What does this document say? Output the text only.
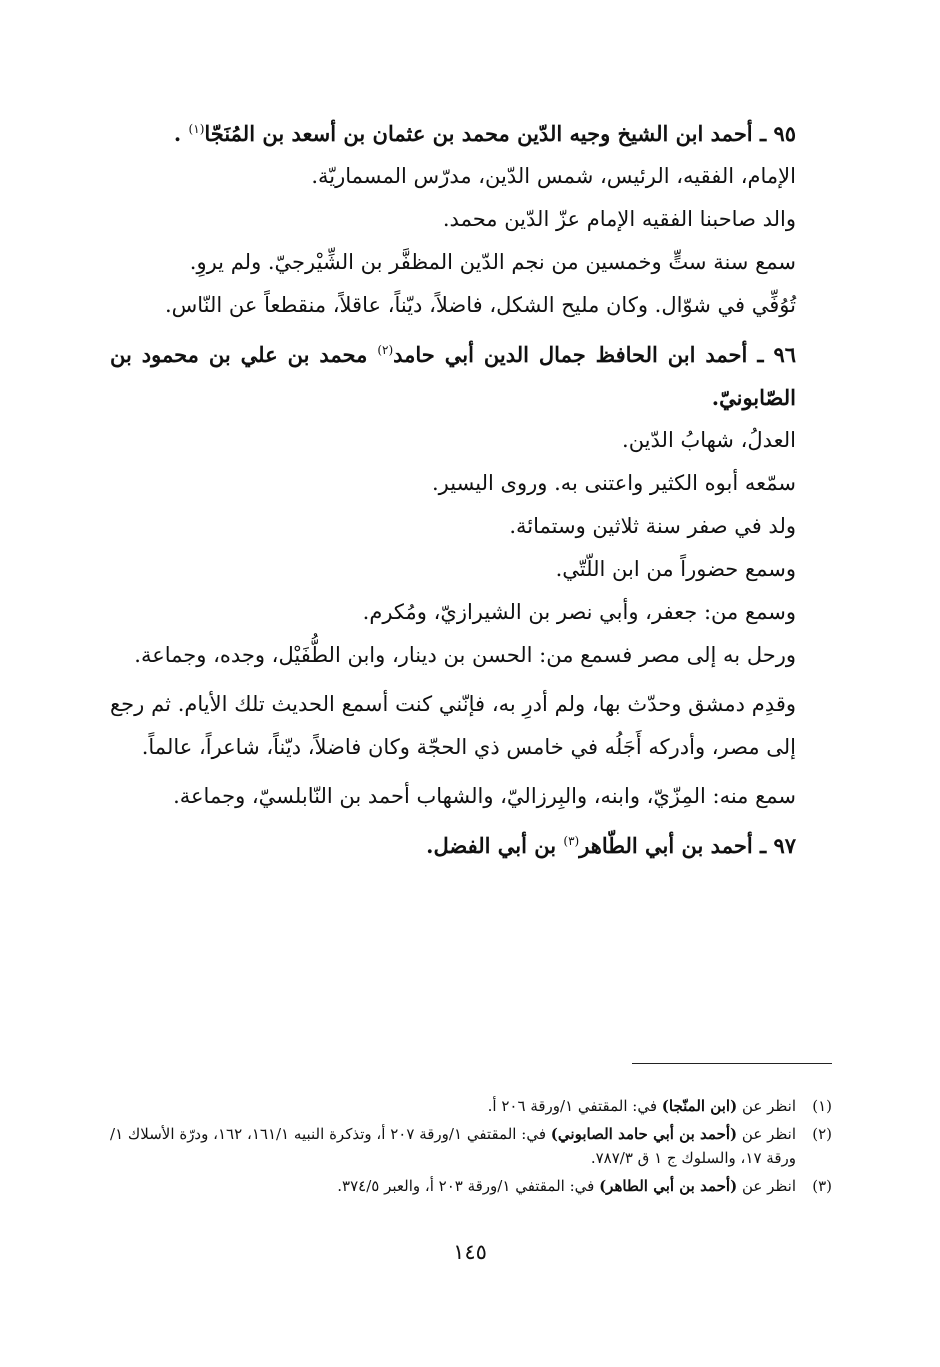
٩٥ ـ أحمد ابن الشيخ وجيه الدّين محمد بن عثمان بن أسعد بن المُنَجّا$^{(١)}$ .

الإمام، الفقيه، الرئيس، شمس الدّين، مدرّس المسماريّة.

والد صاحبنا الفقيه الإمام عزّ الدّين محمد.

سمع سنة ستٍّ وخمسين من نجم الدّين المظفَّر بن الشِّيْرجيّ. ولم يروِ.

تُوُفِّي في شوّال. وكان مليح الشكل، فاضلاً، ديّناً، عاقلاً، منقطعاً عن النّاس.

٩٦ ـ أحمد ابن الحافظ جمال الدين أبي حامد$^{(٢)}$ محمد بن علي بن محمود بن الصّابونيّ.

العدلُ، شهابُ الدّين.

سمّعه أبوه الكثير واعتنى به. وروى اليسير.

ولد في صفر سنة ثلاثين وستمائة.

وسمع حضوراً من ابن اللّتّي.

وسمع من: جعفر، وأبي نصر بن الشيرازيّ، ومُكرم.

ورحل به إلى مصر فسمع من: الحسن بن دينار، وابن الطُّفَيْل، وجده، وجماعة.

وقدِم دمشق وحدّث بها، ولم أدرِ به، فإنّني كنت أسمع الحديث تلك الأيام. ثم رجع إلى مصر، وأدركه أَجَلُه في خامس ذي الحجّة وكان فاضلاً، ديّناً، شاعراً، عالماً.

سمع منه: المِزّيّ، وابنه، والبِرزاليّ، والشهاب أحمد بن النّابلسيّ، وجماعة.

٩٧ ـ أحمد بن أبي الطّاهر$^{(٣)}$ بن أبي الفضل.

(١)
انظر عن (ابن المنّجا) في: المقتفي ١/ورقة ٢٠٦ أ.
(٢)
انظر عن (أحمد بن أبي حامد الصابوني) في: المقتفي ١/ورقة ٢٠٧ أ، وتذكرة النبيه ١٦١/١، ١٦٢، ودرّة الأسلاك ١/ورقة ١٧، والسلوك ج ١ ق ٧٨٧/٣.
(٣)
انظر عن (أحمد بن أبي الطاهر) في: المقتفي ١/ورقة ٢٠٣ أ، والعبر ٣٧٤/٥.
١٤٥
